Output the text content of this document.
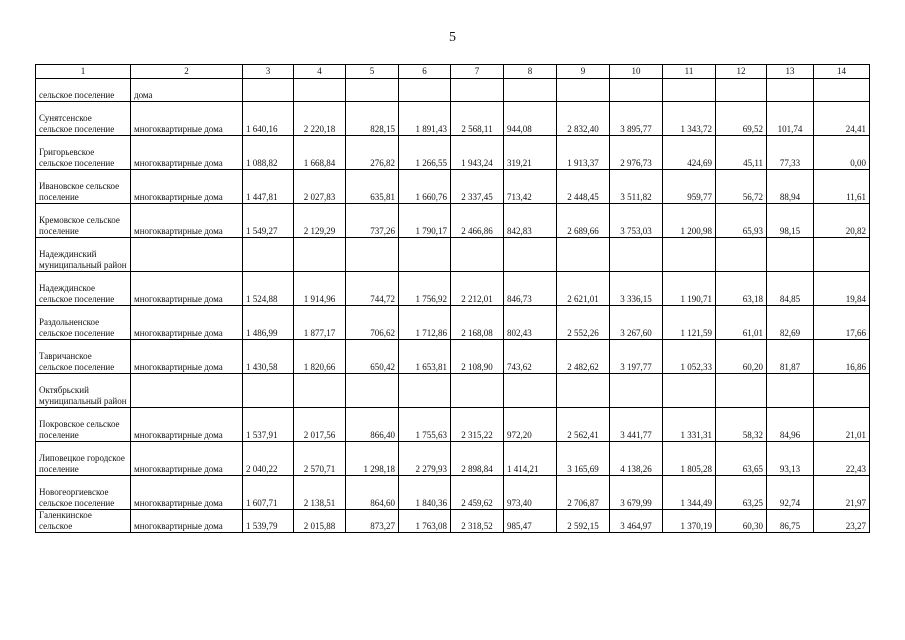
5
1	2	3	4	5	6	7	8	9	10	11	12	13	14
сельское поселение	дома												
Сунятсенское сельское поселение	многоквартирные дома	1 640,16	2 220,18	828,15	1 891,43	2 568,11	944,08	2 832,40	3 895,77	1 343,72	69,52	101,74	24,41
Григорьевское сельское поселение	многоквартирные дома	1 088,82	1 668,84	276,82	1 266,55	1 943,24	319,21	1 913,37	2 976,73	424,69	45,11	77,33	0,00
Ивановское сельское поселение	многоквартирные дома	1 447,81	2 027,83	635,81	1 660,76	2 337,45	713,42	2 448,45	3 511,82	959,77	56,72	88,94	11,61
Кремовское сельское поселение	многоквартирные дома	1 549,27	2 129,29	737,26	1 790,17	2 466,86	842,83	2 689,66	3 753,03	1 200,98	65,93	98,15	20,82
Надеждинский муниципальный район													
Надеждинское сельское поселение	многоквартирные дома	1 524,88	1 914,96	744,72	1 756,92	2 212,01	846,73	2 621,01	3 336,15	1 190,71	63,18	84,85	19,84
Раздольненское сельское поселение	многоквартирные дома	1 486,99	1 877,17	706,62	1 712,86	2 168,08	802,43	2 552,26	3 267,60	1 121,59	61,01	82,69	17,66
Тавричанское сельское поселение	многоквартирные дома	1 430,58	1 820,66	650,42	1 653,81	2 108,90	743,62	2 482,62	3 197,77	1 052,33	60,20	81,87	16,86
Октябрьский муниципальный район													
Покровское сельское поселение	многоквартирные дома	1 537,91	2 017,56	866,40	1 755,63	2 315,22	972,20	2 562,41	3 441,77	1 331,31	58,32	84,96	21,01
Липовецкое городское поселение	многоквартирные дома	2 040,22	2 570,71	1 298,18	2 279,93	2 898,84	1 414,21	3 165,69	4 138,26	1 805,28	63,65	93,13	22,43
Новогеоргиевское сельское поселение	многоквартирные дома	1 607,71	2 138,51	864,60	1 840,36	2 459,62	973,40	2 706,87	3 679,99	1 344,49	63,25	92,74	21,97
Галенкинское сельское	многоквартирные дома	1 539,79	2 015,88	873,27	1 763,08	2 318,52	985,47	2 592,15	3 464,97	1 370,19	60,30	86,75	23,27
